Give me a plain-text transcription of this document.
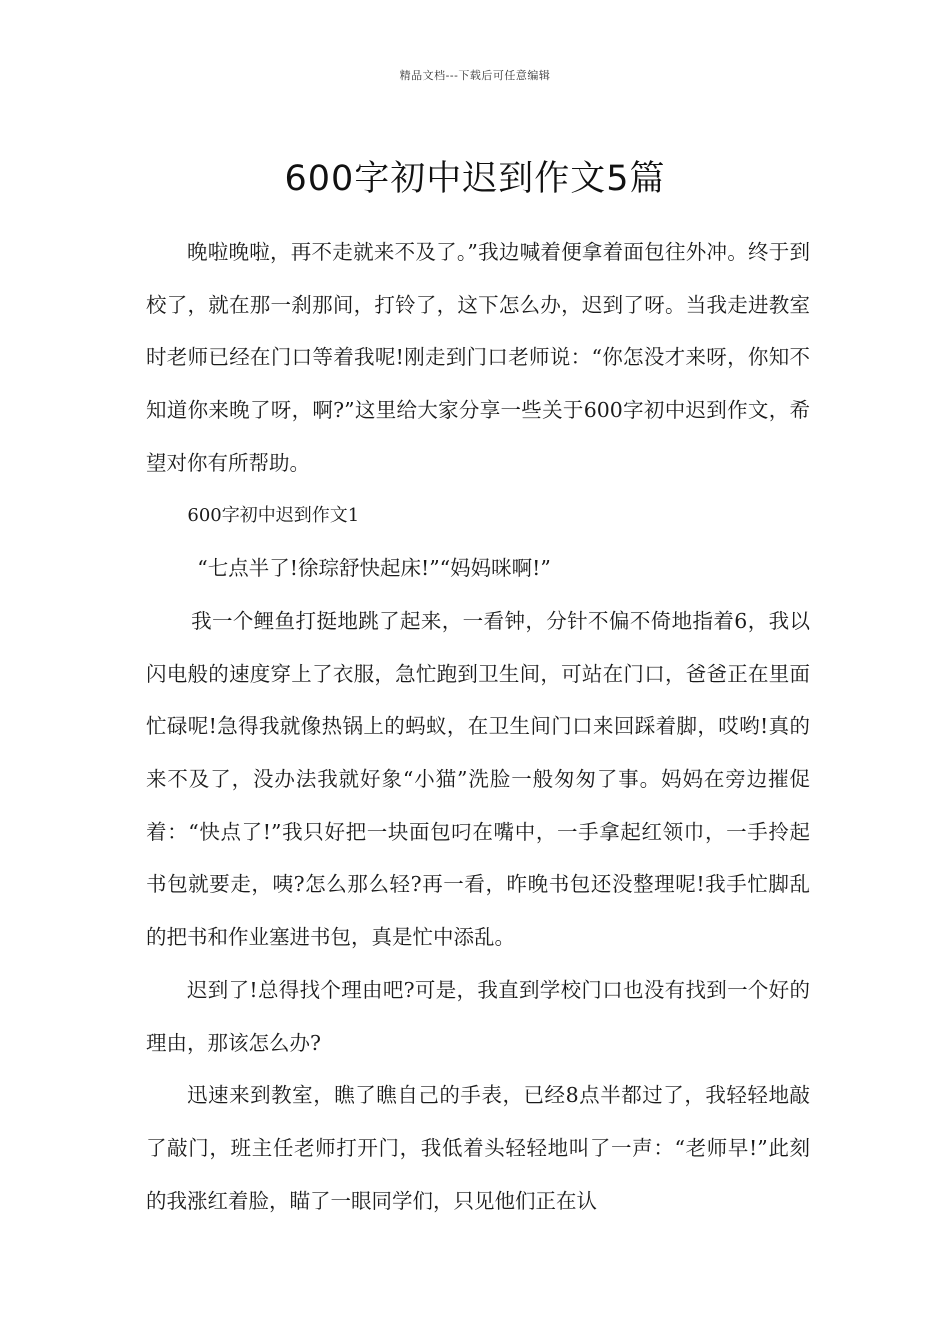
精品文档---下载后可任意编辑
600字初中迟到作文5篇

晚啦晚啦，再不走就来不及了。”我边喊着便拿着面包往外冲。终于到校了，就在那一刹那间，打铃了，这下怎么办，迟到了呀。当我走进教室时老师已经在门口等着我呢!刚走到门口老师说：“你怎没才来呀，你知不知道你来晚了呀，啊?”这里给大家分享一些关于600字初中迟到作文，希望对你有所帮助。

600字初中迟到作文1

“七点半了!徐琮舒快起床!”“妈妈咪啊!”

我一个鲤鱼打挺地跳了起来，一看钟，分针不偏不倚地指着6，我以闪电般的速度穿上了衣服，急忙跑到卫生间，可站在门口，爸爸正在里面忙碌呢!急得我就像热锅上的蚂蚁，在卫生间门口来回踩着脚，哎哟!真的来不及了，没办法我就好象“小猫”洗脸一般匆匆了事。妈妈在旁边摧促着：“快点了!”我只好把一块面包叼在嘴中，一手拿起红领巾，一手拎起书包就要走，咦?怎么那么轻?再一看，昨晚书包还没整理呢!我手忙脚乱的把书和作业塞进书包，真是忙中添乱。

迟到了!总得找个理由吧?可是，我直到学校门口也没有找到一个好的理由，那该怎么办?

迅速来到教室，瞧了瞧自己的手表，已经8点半都过了，我轻轻地敲了敲门，班主任老师打开门，我低着头轻轻地叫了一声：“老师早!”此刻的我涨红着脸，瞄了一眼同学们，只见他们正在认
